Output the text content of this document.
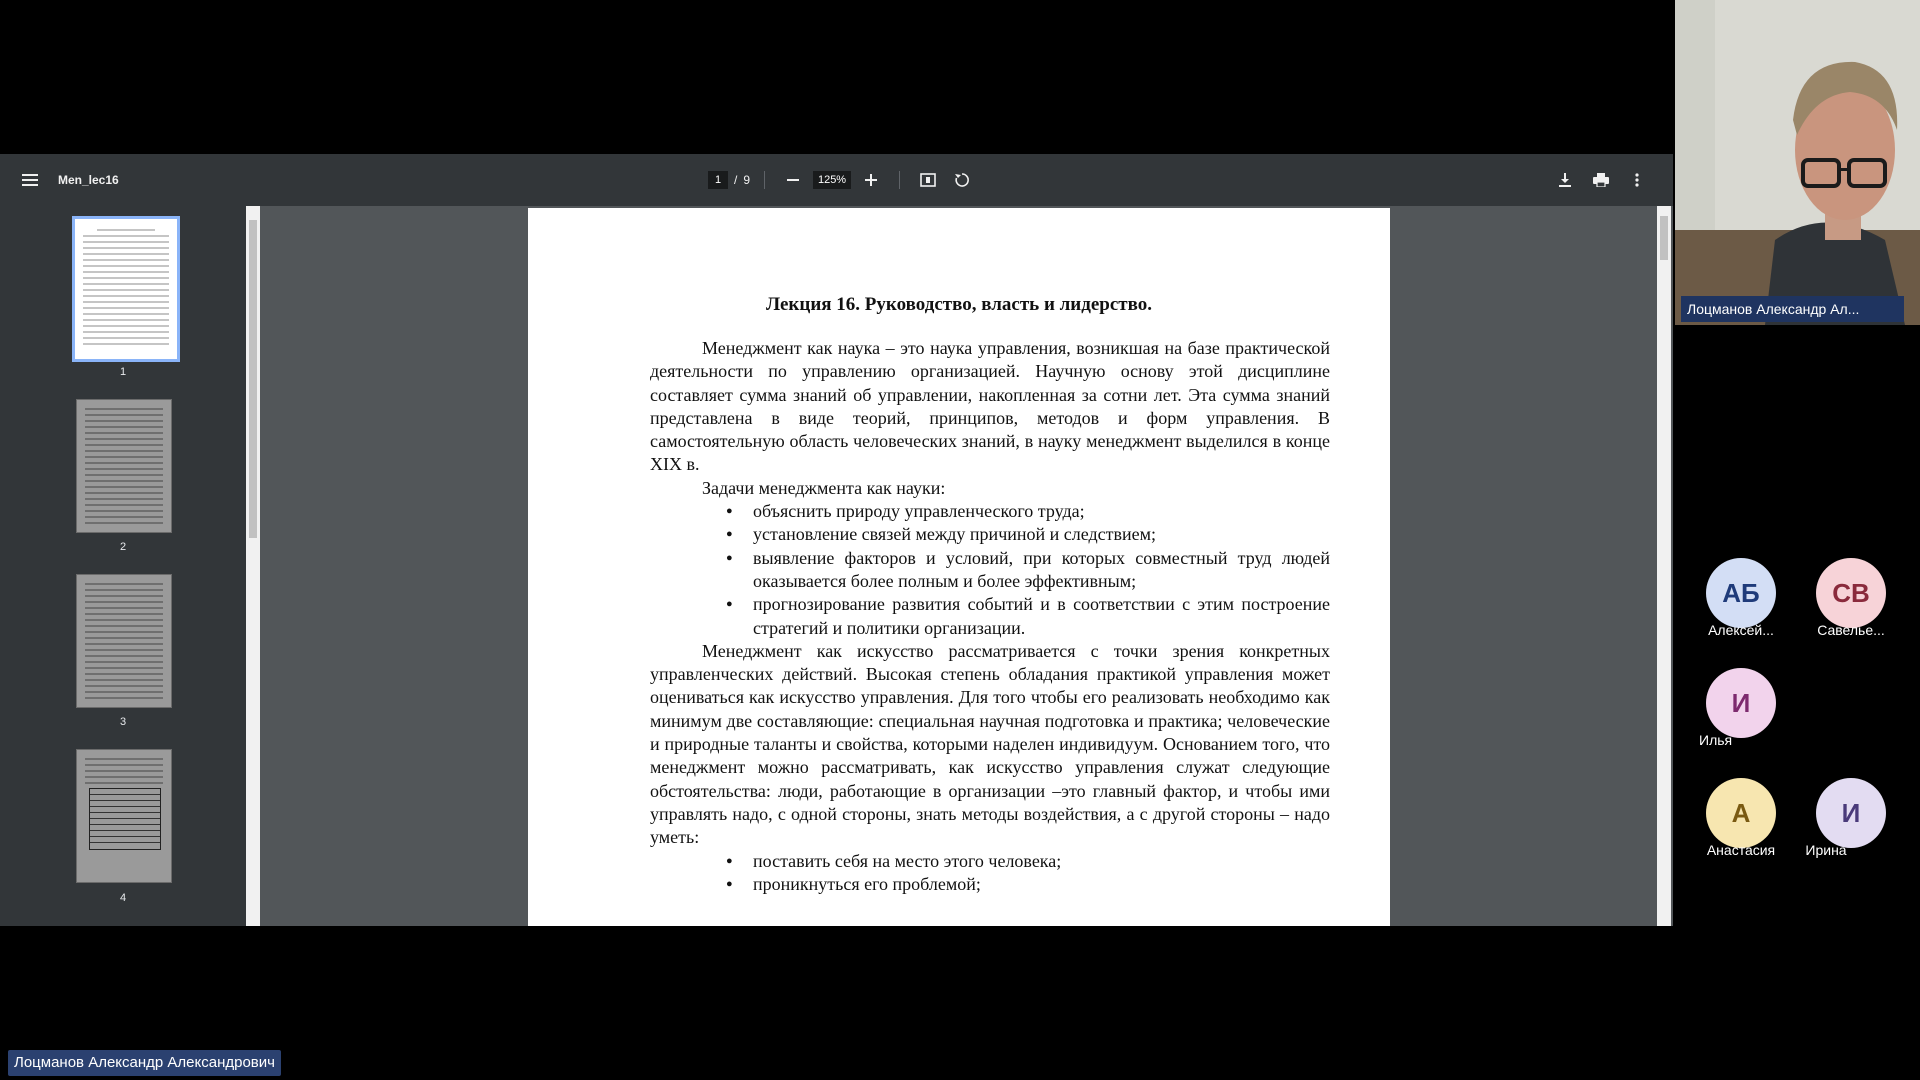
Men_lec16
1	/ 9
125%
1
2
3
4
Лекция 16. Руководство, власть и лидерство.

Менеджмент как наука – это наука управления, возникшая на базе практической деятельности по управлению организацией. Научную основу этой дисциплине составляет сумма знаний об управлении, накопленная за сотни лет. Эта сумма знаний представлена в виде теорий, принципов, методов и форм управления. В самостоятельную область человеческих знаний, в науку менеджмент выделился в конце XIX в.

Задачи менеджмента как науки:

● объяснить природу управленческого труда;
● установление связей между причиной и следствием;
● выявление факторов и условий, при которых совместный труд людей оказывается более полным и более эффективным;
● прогнозирование развития событий и в соответствии с этим построение стратегий и политики организации.

Менеджмент как искусство рассматривается с точки зрения конкретных управленческих действий. Высокая степень обладания практикой управления может оцениваться как искусство управления. Для того чтобы его реализовать необходимо как минимум две составляющие: специальная научная подготовка и практика; человеческие и природные таланты и свойства, которыми наделен индивидуум. Основанием того, что менеджмент можно рассматривать, как искусство управления служат следующие обстоятельства: люди, работающие в организации –это главный фактор, и чтобы ими управлять надо, с одной стороны, знать методы воздействия, а с другой стороны – надо уметь:

● поставить себя на место этого человека;
● проникнуться его проблемой;
Лоцманов Александр Ал...
АБ
Алексей...
СВ
Савелье...
И
Илья
А
Анастасия
И
Ирина
Лоцманов Александр Александрович
